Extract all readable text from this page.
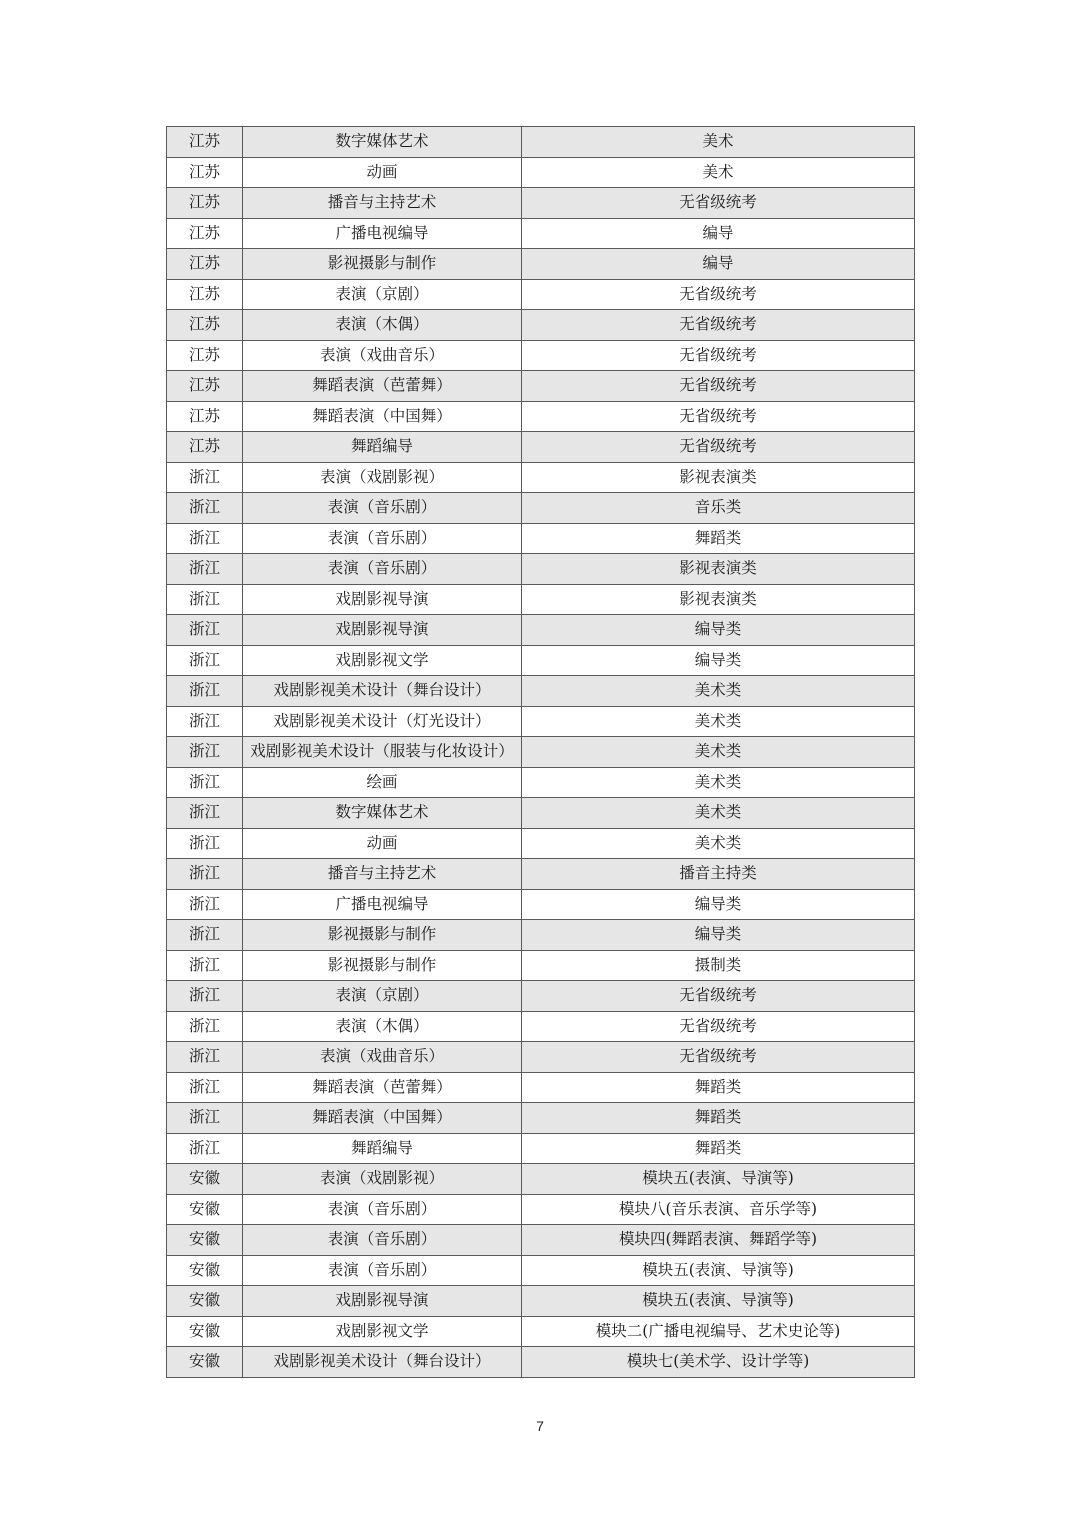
江苏	数字媒体艺术	美术
江苏	动画	美术
江苏	播音与主持艺术	无省级统考
江苏	广播电视编导	编导
江苏	影视摄影与制作	编导
江苏	表演（京剧）	无省级统考
江苏	表演（木偶）	无省级统考
江苏	表演（戏曲音乐）	无省级统考
江苏	舞蹈表演（芭蕾舞）	无省级统考
江苏	舞蹈表演（中国舞）	无省级统考
江苏	舞蹈编导	无省级统考
浙江	表演（戏剧影视）	影视表演类
浙江	表演（音乐剧）	音乐类
浙江	表演（音乐剧）	舞蹈类
浙江	表演（音乐剧）	影视表演类
浙江	戏剧影视导演	影视表演类
浙江	戏剧影视导演	编导类
浙江	戏剧影视文学	编导类
浙江	戏剧影视美术设计（舞台设计）	美术类
浙江	戏剧影视美术设计（灯光设计）	美术类
浙江	戏剧影视美术设计（服装与化妆设计）	美术类
浙江	绘画	美术类
浙江	数字媒体艺术	美术类
浙江	动画	美术类
浙江	播音与主持艺术	播音主持类
浙江	广播电视编导	编导类
浙江	影视摄影与制作	编导类
浙江	影视摄影与制作	摄制类
浙江	表演（京剧）	无省级统考
浙江	表演（木偶）	无省级统考
浙江	表演（戏曲音乐）	无省级统考
浙江	舞蹈表演（芭蕾舞）	舞蹈类
浙江	舞蹈表演（中国舞）	舞蹈类
浙江	舞蹈编导	舞蹈类
安徽	表演（戏剧影视）	模块五(表演、导演等)
安徽	表演（音乐剧）	模块八(音乐表演、音乐学等)
安徽	表演（音乐剧）	模块四(舞蹈表演、舞蹈学等)
安徽	表演（音乐剧）	模块五(表演、导演等)
安徽	戏剧影视导演	模块五(表演、导演等)
安徽	戏剧影视文学	模块二(广播电视编导、艺术史论等)
安徽	戏剧影视美术设计（舞台设计）	模块七(美术学、设计学等)
7
